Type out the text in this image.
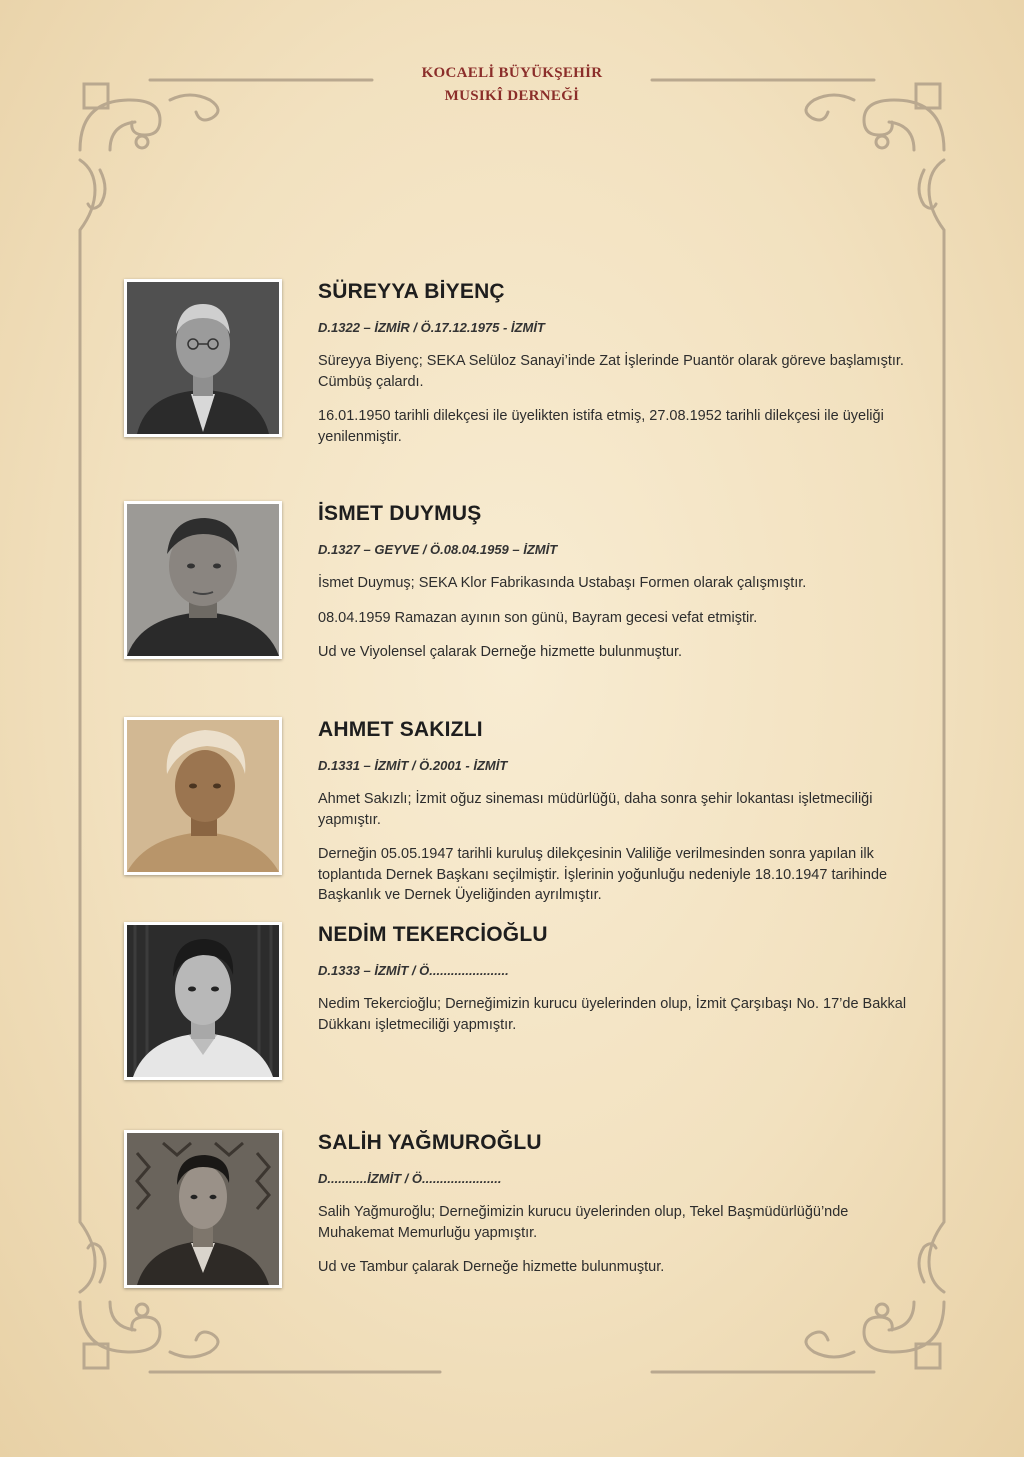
KOCAELİ BÜYÜKŞEHİR
MUSIKÎ DERNEĞİ

SÜREYYA BİYENÇ

D.1322 – İZMİR / Ö.17.12.1975 - İZMİT

Süreyya Biyenç; SEKA Selüloz Sanayi’inde Zat İşlerinde Puantör olarak göreve başlamıştır. Cümbüş çalardı.

16.01.1950 tarihli dilekçesi ile üyelikten istifa etmiş, 27.08.1952 tarihli dilekçesi ile üyeliği yenilenmiştir.

İSMET DUYMUŞ

D.1327 – GEYVE / Ö.08.04.1959 – İZMİT

İsmet Duymuş; SEKA Klor Fabrikasında Ustabaşı Formen olarak çalışmıştır.

08.04.1959 Ramazan ayının son günü, Bayram gecesi vefat etmiştir.

Ud ve Viyolensel çalarak Derneğe hizmette bulunmuştur.

AHMET SAKIZLI

D.1331 – İZMİT / Ö.2001 - İZMİT

Ahmet Sakızlı; İzmit oğuz sineması müdürlüğü, daha sonra şehir lokantası işletmeciliği yapmıştır.

Derneğin 05.05.1947 tarihli kuruluş dilekçesinin Valiliğe verilmesinden sonra yapılan ilk toplantıda Dernek Başkanı seçilmiştir. İşlerinin yoğunluğu nedeniyle 18.10.1947 tarihinde Başkanlık ve Dernek Üyeliğinden ayrılmıştır.

NEDİM TEKERCİOĞLU

D.1333 – İZMİT / Ö......................

Nedim Tekercioğlu; Derneğimizin kurucu üyelerinden olup, İzmit Çarşıbaşı No. 17’de Bakkal Dükkanı işletmeciliği yapmıştır.

SALİH YAĞMUROĞLU

D...........İZMİT / Ö......................

Salih Yağmuroğlu; Derneğimizin kurucu üyelerinden olup, Tekel Başmüdürlüğü’nde Muhakemat Memurluğu yapmıştır.

Ud ve Tambur çalarak Derneğe hizmette bulunmuştur.
